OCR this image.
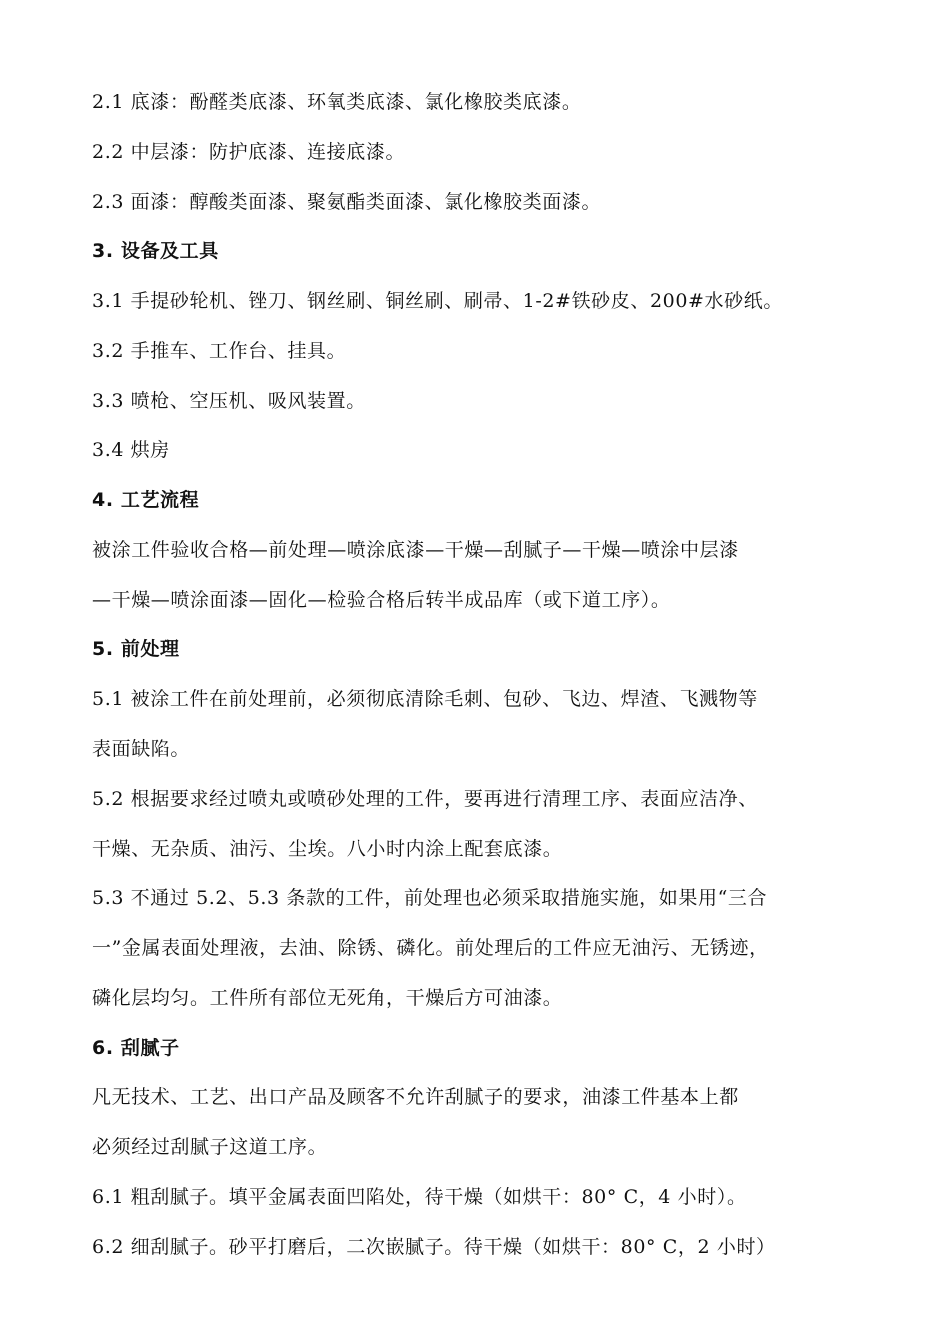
2.1 底漆：酚醛类底漆、环氧类底漆、氯化橡胶类底漆。
2.2 中层漆：防护底漆、连接底漆。
2.3 面漆：醇酸类面漆、聚氨酯类面漆、氯化橡胶类面漆。
3. 设备及工具
3.1 手提砂轮机、锉刀、钢丝刷、铜丝刷、刷帚、1-2#铁砂皮、200#水砂纸。
3.2 手推车、工作台、挂具。
3.3 喷枪、空压机、吸风装置。
3.4 烘房
4. 工艺流程
被涂工件验收合格—前处理—喷涂底漆—干燥—刮腻子—干燥—喷涂中层漆
—干燥—喷涂面漆—固化—检验合格后转半成品库（或下道工序）。
5. 前处理
5.1 被涂工件在前处理前，必须彻底清除毛刺、包砂、飞边、焊渣、飞溅物等
表面缺陷。
5.2 根据要求经过喷丸或喷砂处理的工件，要再进行清理工序、表面应洁净、
干燥、无杂质、油污、尘埃。八小时内涂上配套底漆。
5.3 不通过 5.2、5.3 条款的工件，前处理也必须采取措施实施，如果用“三合
一”金属表面处理液，去油、除锈、磷化。前处理后的工件应无油污、无锈迹，
磷化层均匀。工件所有部位无死角，干燥后方可油漆。
6. 刮腻子
凡无技术、工艺、出口产品及顾客不允许刮腻子的要求，油漆工件基本上都
必须经过刮腻子这道工序。
6.1 粗刮腻子。填平金属表面凹陷处，待干燥（如烘干：80° C，4 小时）。
6.2 细刮腻子。砂平打磨后，二次嵌腻子。待干燥（如烘干：80° C，2 小时）
